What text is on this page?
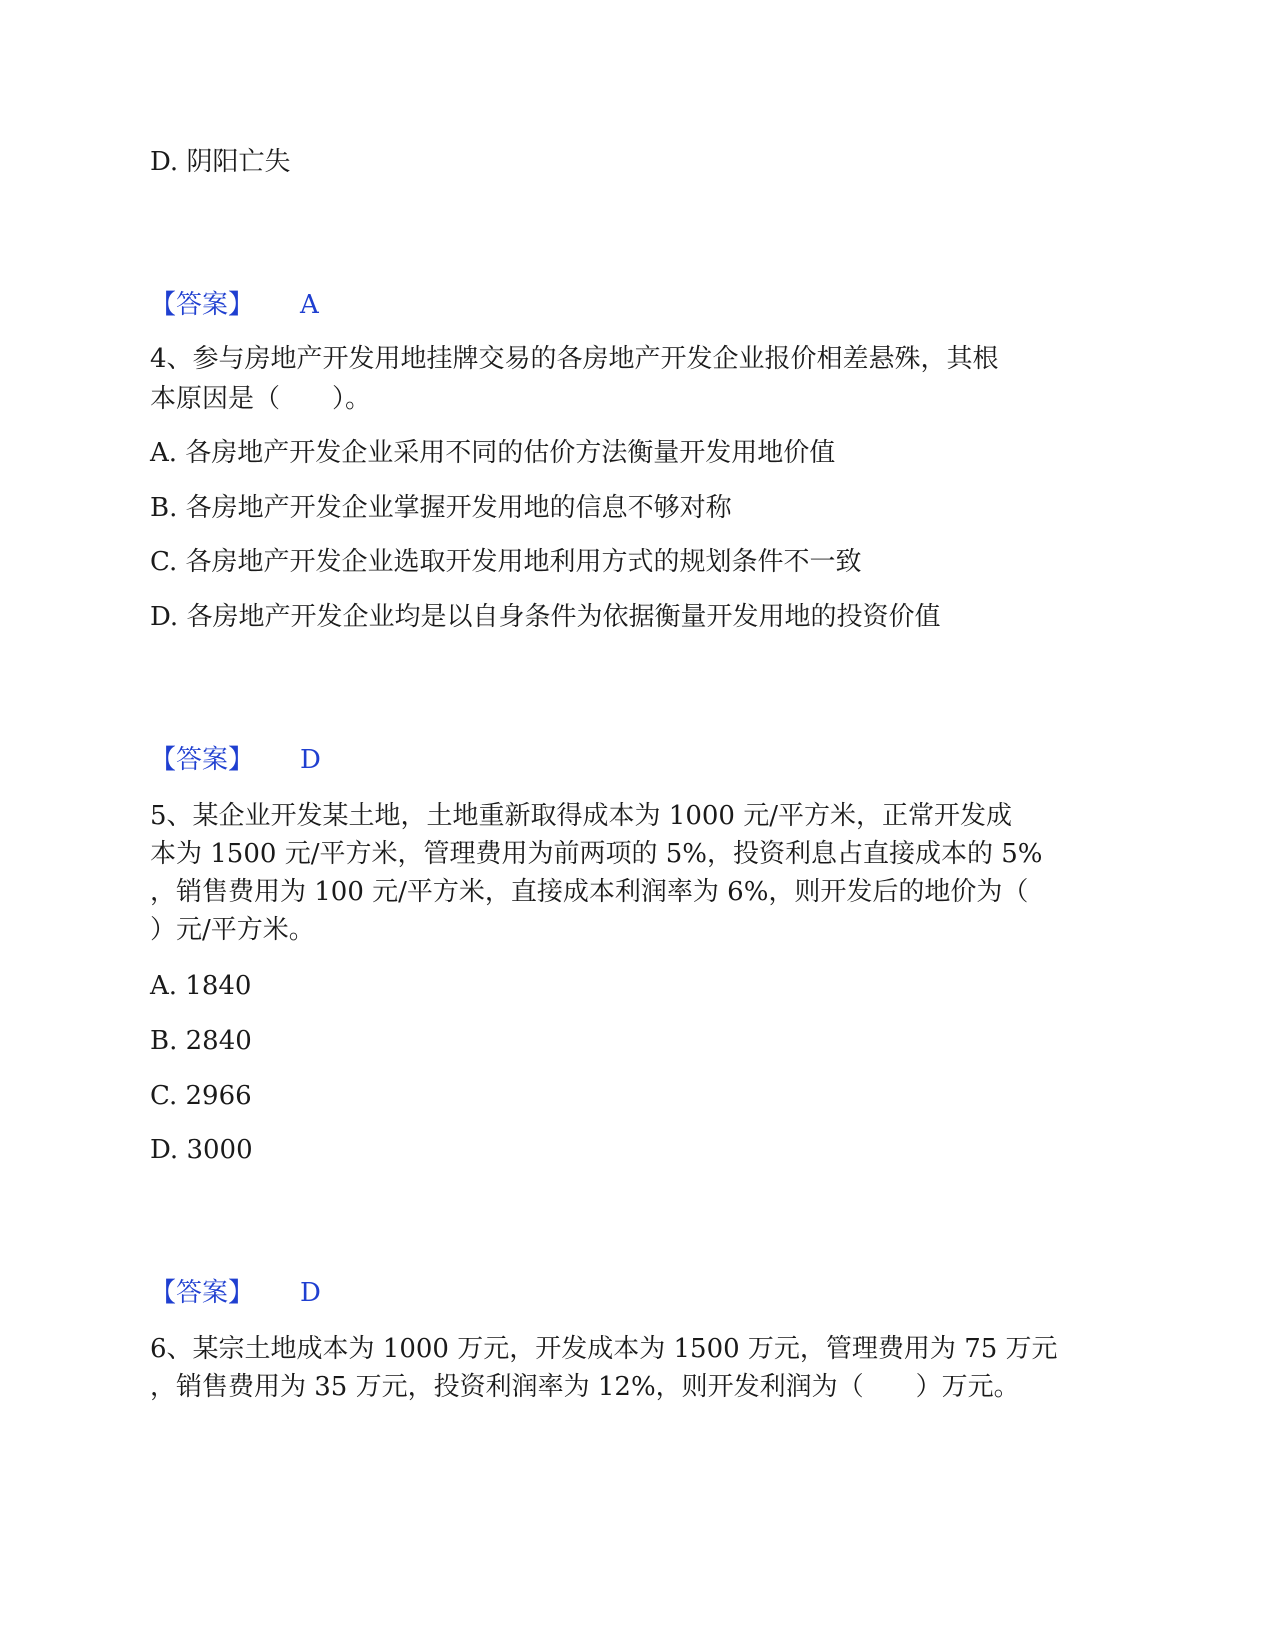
D. 阴阳亡失
【答案】 A
4、参与房地产开发用地挂牌交易的各房地产开发企业报价相差悬殊，其根
本原因是（　　）。
A. 各房地产开发企业采用不同的估价方法衡量开发用地价值
B. 各房地产开发企业掌握开发用地的信息不够对称
C. 各房地产开发企业选取开发用地利用方式的规划条件不一致
D. 各房地产开发企业均是以自身条件为依据衡量开发用地的投资价值
【答案】 D
5、某企业开发某土地，土地重新取得成本为 1000 元/平方米，正常开发成
本为 1500 元/平方米，管理费用为前两项的 5%，投资利息占直接成本的 5%
，销售费用为 100 元/平方米，直接成本利润率为 6%，则开发后的地价为（
）元/平方米。
A. 1840
B. 2840
C. 2966
D. 3000
【答案】 D
6、某宗土地成本为 1000 万元，开发成本为 1500 万元，管理费用为 75 万元
，销售费用为 35 万元，投资利润率为 12%，则开发利润为（　　）万元。
